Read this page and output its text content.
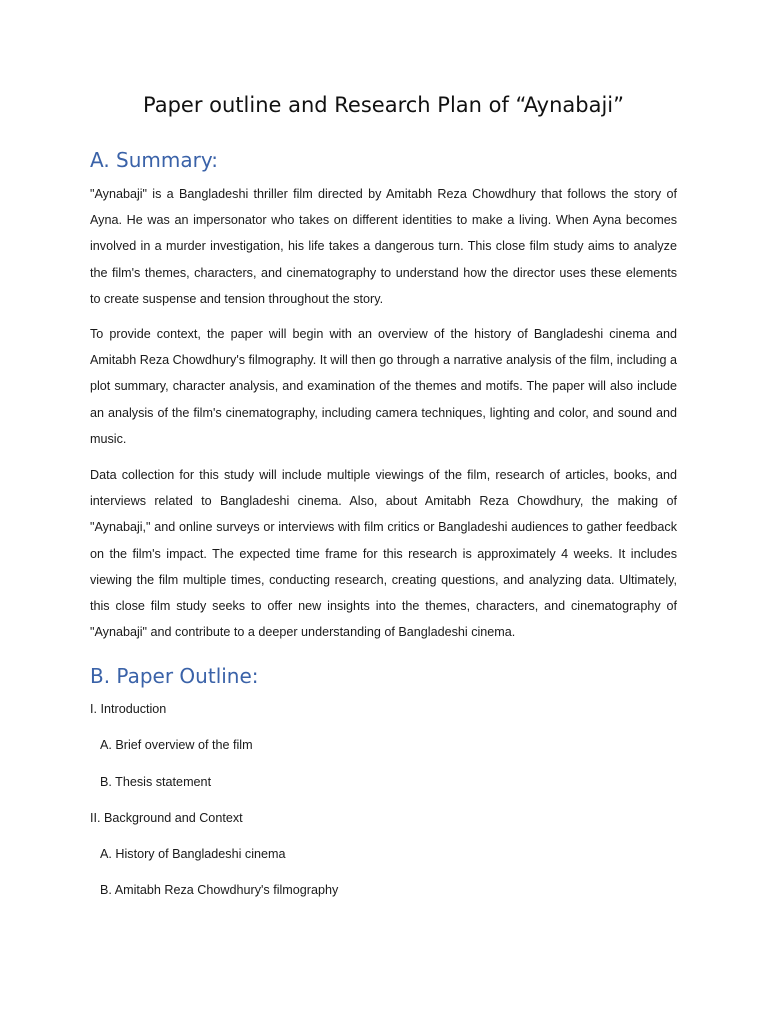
Paper outline and Research Plan of “Aynabaji”
A. Summary:

"Aynabaji" is a Bangladeshi thriller film directed by Amitabh Reza Chowdhury that follows the story of Ayna. He was an impersonator who takes on different identities to make a living. When Ayna becomes involved in a murder investigation, his life takes a dangerous turn. This close film study aims to analyze the film's themes, characters, and cinematography to understand how the director uses these elements to create suspense and tension throughout the story.

To provide context, the paper will begin with an overview of the history of Bangladeshi cinema and Amitabh Reza Chowdhury's filmography. It will then go through a narrative analysis of the film, including a plot summary, character analysis, and examination of the themes and motifs. The paper will also include an analysis of the film's cinematography, including camera techniques, lighting and color, and sound and music.

Data collection for this study will include multiple viewings of the film, research of articles, books, and interviews related to Bangladeshi cinema. Also, about Amitabh Reza Chowdhury, the making of "Aynabaji," and online surveys or interviews with film critics or Bangladeshi audiences to gather feedback on the film's impact. The expected time frame for this research is approximately 4 weeks. It includes viewing the film multiple times, conducting research, creating questions, and analyzing data. Ultimately, this close film study seeks to offer new insights into the themes, characters, and cinematography of "Aynabaji" and contribute to a deeper understanding of Bangladeshi cinema.

B. Paper Outline:

I. Introduction

A. Brief overview of the film

B. Thesis statement

II. Background and Context

A. History of Bangladeshi cinema

B. Amitabh Reza Chowdhury's filmography
